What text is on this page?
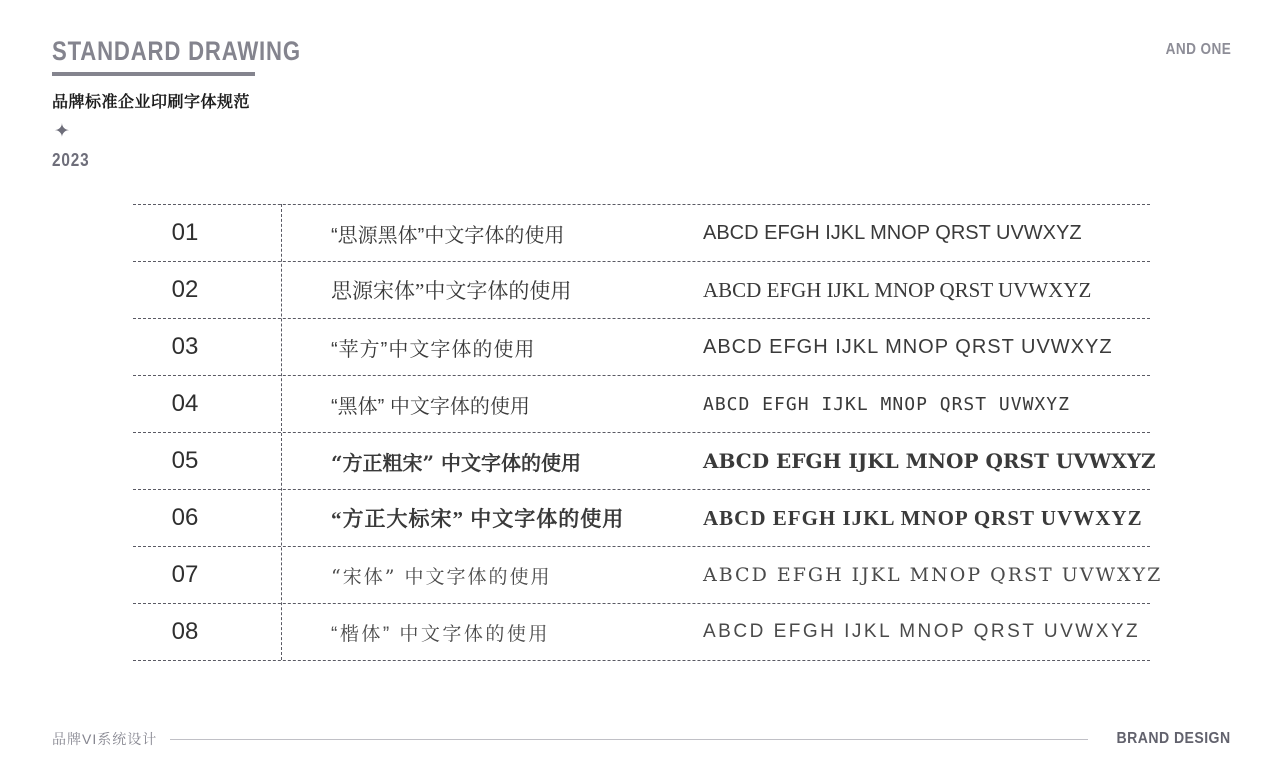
STANDARD DRAWING
品牌标准企业印刷字体规范
✦
2023
AND ONE
01	“思源黑体”中文字体的使用	ABCD EFGH IJKL MNOP QRST UVWXYZ
02	思源宋体”中文字体的使用	ABCD EFGH IJKL MNOP QRST UVWXYZ
03	“苹方”中文字体的使用	ABCD EFGH IJKL MNOP QRST UVWXYZ
04	“黑体” 中文字体的使用	ABCD EFGH IJKL MNOP QRST UVWXYZ
05	“方正粗宋” 中文字体的使用	ABCD EFGH IJKL MNOP QRST UVWXYZ
06	“方正大标宋” 中文字体的使用	ABCD EFGH IJKL MNOP QRST UVWXYZ
07	“宋体” 中文字体的使用	ABCD EFGH IJKL MNOP QRST UVWXYZ
08	“楷体” 中文字体的使用	ABCD EFGH IJKL MNOP QRST UVWXYZ
品牌VI系统设计	BRAND DESIGN
